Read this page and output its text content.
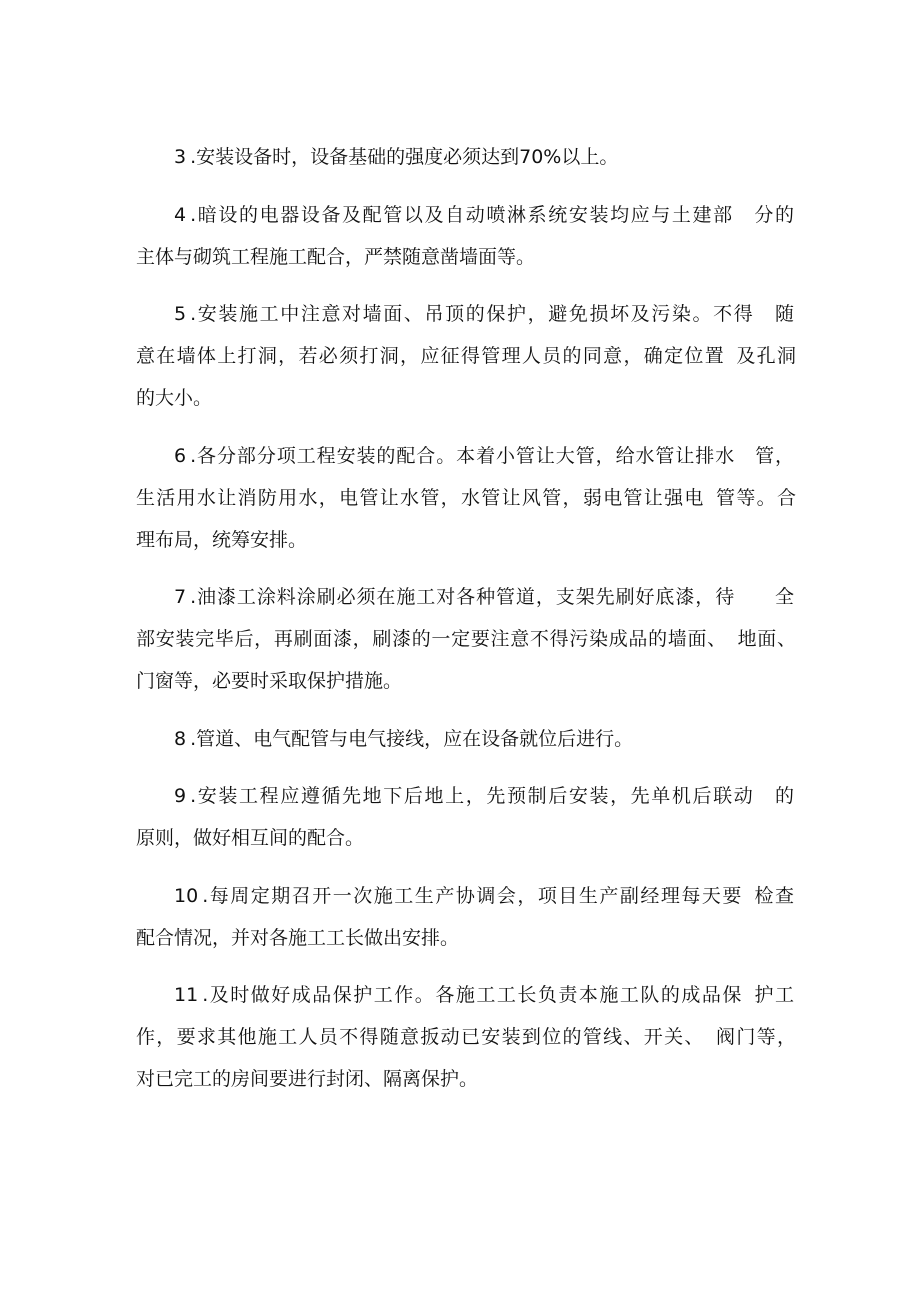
3 .安装设备时，设备基础的强度必须达到70%以上。
4 .暗设的电器设备及配管以及自动喷淋系统安装均应与土建部　分的
主体与砌筑工程施工配合，严禁随意凿墙面等。
5 .安装施工中注意对墙面、吊顶的保护，避免损坏及污染。不得　随
意在墙体上打洞，若必须打洞，应征得管理人员的同意，确定位置 及孔洞
的大小。
6 .各分部分项工程安装的配合。本着小管让大管，给水管让排水　管，
生活用水让消防用水，电管让水管，水管让风管，弱电管让强电 管等。合
理布局，统筹安排。
7 .油漆工涂料涂刷必须在施工对各种管道，支架先刷好底漆，待　　全
部安装完毕后，再刷面漆，刷漆的一定要注意不得污染成品的墙面、 地面、
门窗等，必要时采取保护措施。
8 .管道、电气配管与电气接线，应在设备就位后进行。
9 .安装工程应遵循先地下后地上，先预制后安装，先单机后联动　的
原则，做好相互间的配合。
10 .每周定期召开一次施工生产协调会，项目生产副经理每天要 检查
配合情况，并对各施工工长做出安排。
11 .及时做好成品保护工作。各施工工长负责本施工队的成品保 护工
作，要求其他施工人员不得随意扳动已安装到位的管线、开关、 阀门等，
对已完工的房间要进行封闭、隔离保护。
